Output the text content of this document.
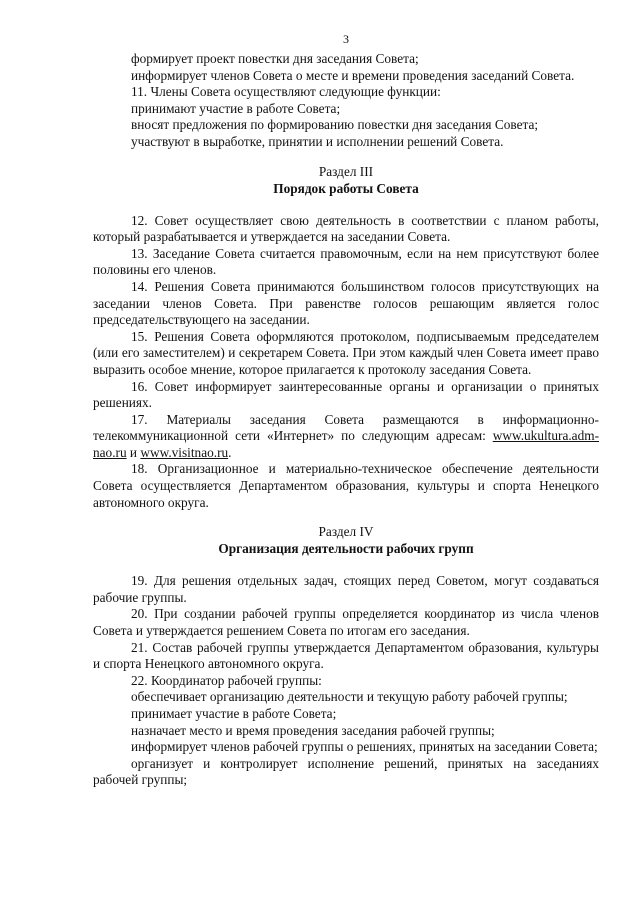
3

формирует проект повестки дня заседания Совета;

информирует членов Совета о месте и времени проведения заседаний Совета.

11. Члены Совета осуществляют следующие функции:

принимают участие в работе Совета;

вносят предложения по формированию повестки дня заседания Совета;

участвуют в выработке, принятии и исполнении решений Совета.

Раздел III

Порядок работы Совета

12. Совет осуществляет свою деятельность в соответствии с планом работы, который разрабатывается и утверждается на заседании Совета.

13. Заседание Совета считается правомочным, если на нем присутствуют более половины его членов.

14. Решения Совета принимаются большинством голосов присутствующих на заседании членов Совета. При равенстве голосов решающим является голос председательствующего на заседании.

15. Решения Совета оформляются протоколом, подписываемым председателем (или его заместителем) и секретарем Совета. При этом каждый член Совета имеет право выразить особое мнение, которое прилагается к протоколу заседания Совета.

16. Совет информирует заинтересованные органы и организации о принятых решениях.

17. Материалы заседания Совета размещаются в информационно-телекоммуникационной сети «Интернет» по следующим адресам: www.ukultura.adm-nao.ru и www.visitnao.ru.

18. Организационное и материально-техническое обеспечение деятельности Совета осуществляется Департаментом образования, культуры и спорта Ненецкого автономного округа.

Раздел IV

Организация деятельности рабочих групп

19. Для решения отдельных задач, стоящих перед Советом, могут создаваться рабочие группы.

20. При создании рабочей группы определяется координатор из числа членов Совета и утверждается решением Совета по итогам его заседания.

21. Состав рабочей группы утверждается Департаментом образования, культуры и спорта Ненецкого автономного округа.

22. Координатор рабочей группы:

обеспечивает организацию деятельности и текущую работу рабочей группы;

принимает участие в работе Совета;

назначает место и время проведения заседания рабочей группы;

информирует членов рабочей группы о решениях, принятых на заседании Совета;

организует и контролирует исполнение решений, принятых на заседаниях рабочей группы;
